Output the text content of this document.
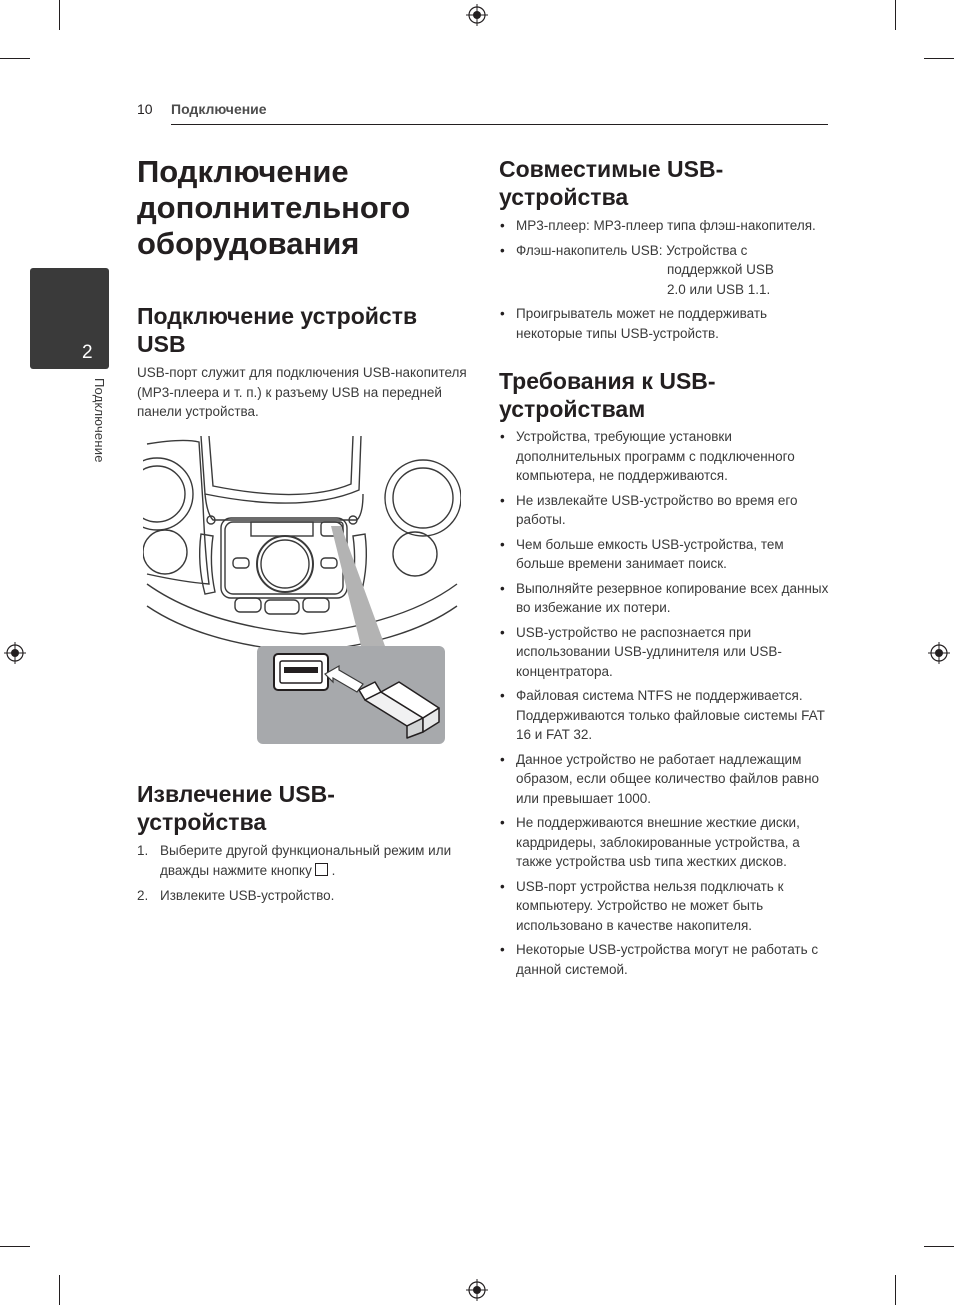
10 Подключение
2
Подключение
Подключение дополнительного оборудования
Подключение устройств USB
USB-порт служит для подключения USB-накопителя (MP3-плеера и т. п.) к разъему USB на передней панели устройства.
Извлечение USB-устройства
1. Выберите другой функциональный режим или дважды нажмите кнопку .
2. Извлеките USB-устройство.
Совместимые USB-устройства
• MP3-плеер: MP3-плеер типа флэш-накопителя.
• Флэш-накопитель USB: Устройства с
поддержкой USB
2.0 или USB 1.1.
• Проигрыватель может не поддерживать некоторые типы USB-устройств.
Требования к USB-устройствам
• Устройства, требующие установки дополнительных программ с подключенного компьютера, не поддерживаются.
• Не извлекайте USB-устройство во время его работы.
• Чем больше емкость USB-устройства, тем больше времени занимает поиск.
• Выполняйте резервное копирование всех данных во избежание их потери.
• USB-устройство не распознается при использовании USB-удлинителя или USB-концентратора.
• Файловая система NTFS не поддерживается. Поддерживаются только файловые системы FAT 16 и FAT 32.
• Данное устройство не работает надлежащим образом, если общее количество файлов равно или превышает 1000.
• Не поддерживаются внешние жесткие диски, кардридеры, заблокированные устройства, а также устройства usb типа жестких дисков.
• USB-порт устройства нельзя подключать к компьютеру. Устройство не может быть использовано в качестве накопителя.
• Некоторые USB-устройства могут не работать с данной системой.
